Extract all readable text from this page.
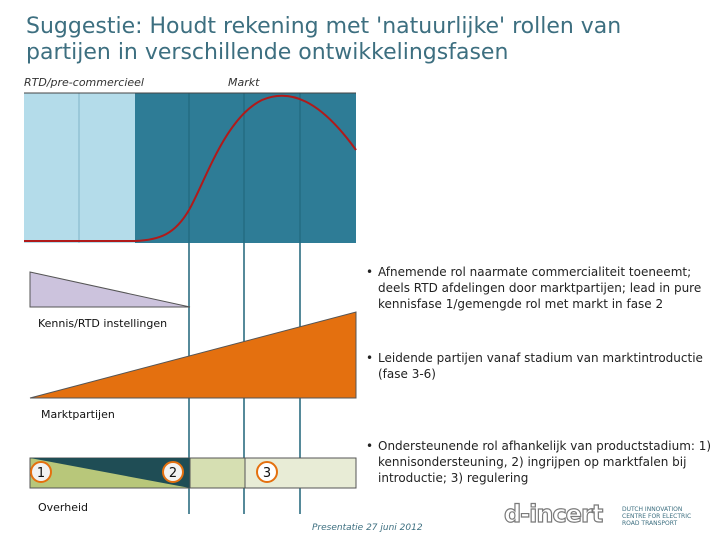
Suggestie: Houdt rekening met 'natuurlijke' rollen van partijen in verschillende ontwikkelingsfasen
RTD/pre-commercieel	Markt
Kennis/RTD instellingen
Marktpartijen
Overheid
1	2	3
• Afnemende rol naarmate commercialiteit toeneemt; deels RTD afdelingen door marktpartijen; lead in pure kennisfase 1/gemengde rol met markt in fase 2
• Leidende partijen vanaf stadium van marktintroductie (fase 3-6)
• Ondersteunende rol afhankelijk van productstadium: 1) kennisondersteuning, 2) ingrijpen op marktfalen bij introductie; 3) regulering
Presentatie 27 juni 2012	d-incert	DUTCH INNOVATION CENTRE FOR ELECTRIC ROAD TRANSPORT
